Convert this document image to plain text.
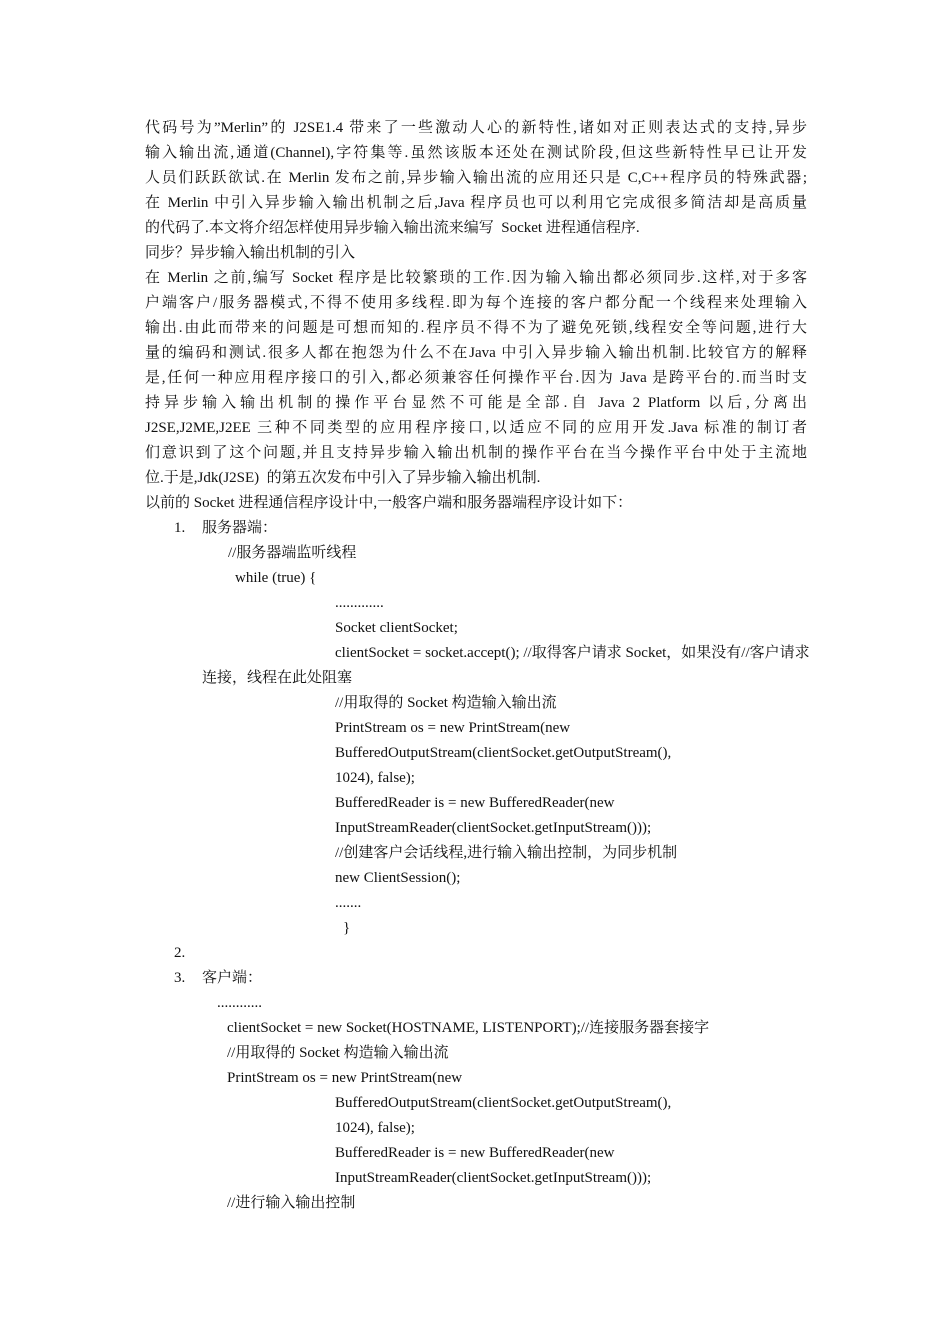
代码号为”Merlin”的 J2SE1.4 带来了一些激动人心的新特性,诸如对正则表达式的支持,异步
输入输出流,通道(Channel),字符集等.虽然该版本还处在测试阶段,但这些新特性早已让开发
人员们跃跃欲试.在 Merlin 发布之前,异步输入输出流的应用还只是 C,C++程序员的特殊武器;
在 Merlin 中引入异步输入输出机制之后,Java 程序员也可以利用它完成很多简洁却是高质量
的代码了.本文将介绍怎样使用异步输入输出流来编写  Socket 进程通信程序.
同步？异步输入输出机制的引入
在 Merlin 之前,编写 Socket 程序是比较繁琐的工作.因为输入输出都必须同步.这样,对于多客
户端客户/服务器模式,不得不使用多线程.即为每个连接的客户都分配一个线程来处理输入
输出.由此而带来的问题是可想而知的.程序员不得不为了避免死锁,线程安全等问题,进行大
量的编码和测试.很多人都在抱怨为什么不在Java 中引入异步输入输出机制.比较官方的解释
是,任何一种应用程序接口的引入,都必须兼容任何操作平台.因为 Java 是跨平台的.而当时支
持异步输入输出机制的操作平台显然不可能是全部.自 Java 2 Platform 以后,分离出
J2SE,J2ME,J2EE 三种不同类型的应用程序接口,以适应不同的应用开发.Java 标准的制订者
们意识到了这个问题,并且支持异步输入输出机制的操作平台在当今操作平台中处于主流地
位.于是,Jdk(J2SE)  的第五次发布中引入了异步输入输出机制.
以前的 Socket 进程通信程序设计中,一般客户端和服务器端程序设计如下：
1. 服务器端：
//服务器端监听线程
while (true) {
.............
Socket clientSocket;
clientSocket = socket.accept(); //取得客户请求 Socket，如果没有//客户请求
连接，线程在此处阻塞
//用取得的 Socket 构造输入输出流
PrintStream os = new PrintStream(new
BufferedOutputStream(clientSocket.getOutputStream(),
1024), false);
BufferedReader is = new BufferedReader(new
InputStreamReader(clientSocket.getInputStream()));
//创建客户会话线程,进行输入输出控制，为同步机制
new ClientSession();
.......
}
2.
3. 客户端：
............
clientSocket = new Socket(HOSTNAME, LISTENPORT);//连接服务器套接字
//用取得的 Socket 构造输入输出流
PrintStream os = new PrintStream(new
BufferedOutputStream(clientSocket.getOutputStream(),
1024), false);
BufferedReader is = new BufferedReader(new
InputStreamReader(clientSocket.getInputStream()));
//进行输入输出控制
